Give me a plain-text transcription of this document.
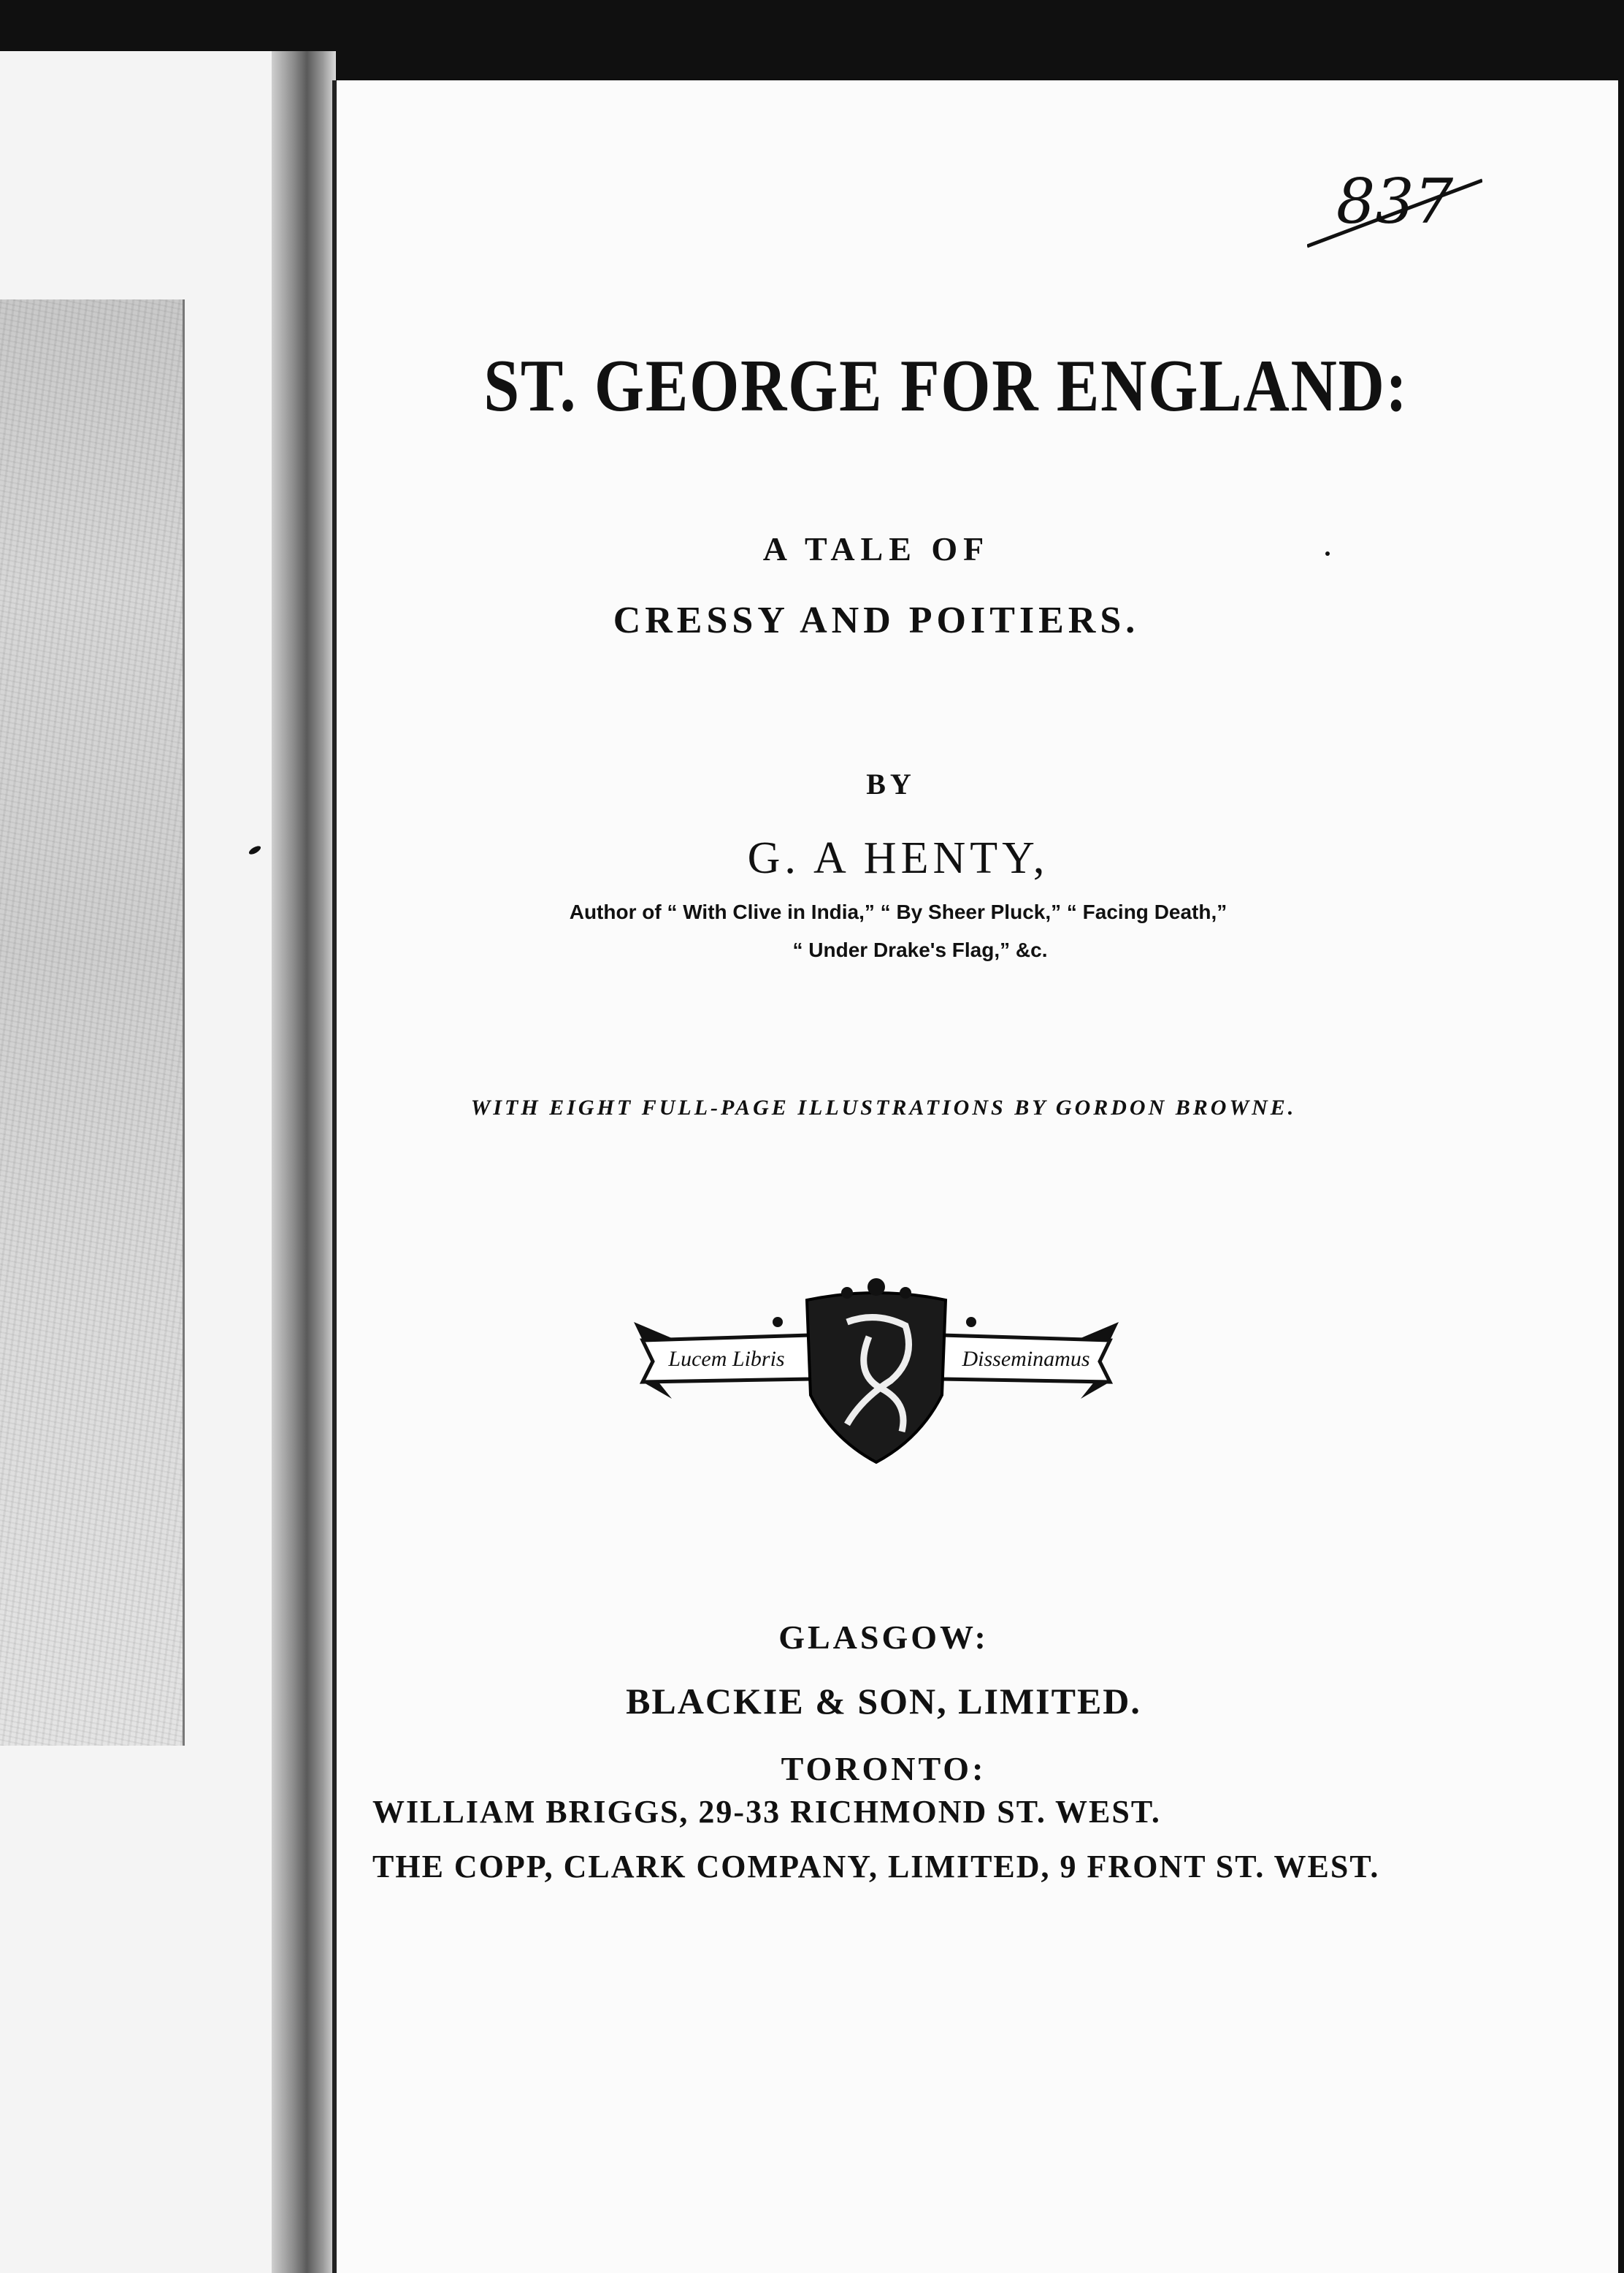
837
ST. GEORGE FOR ENGLAND:
A TALE OF
CRESSY AND POITIERS.
BY
G. A HENTY,
Author of “ With Clive in India,” “ By Sheer Pluck,” “ Facing Death,”
“ Under Drake's Flag,” &c.
WITH EIGHT FULL-PAGE ILLUSTRATIONS BY GORDON BROWNE.
Lucem Libris	Disseminamus
GLASGOW:
BLACKIE & SON, LIMITED.
TORONTO:
WILLIAM BRIGGS, 29-33 RICHMOND ST. WEST.
THE COPP, CLARK COMPANY, LIMITED, 9 FRONT ST. WEST.
